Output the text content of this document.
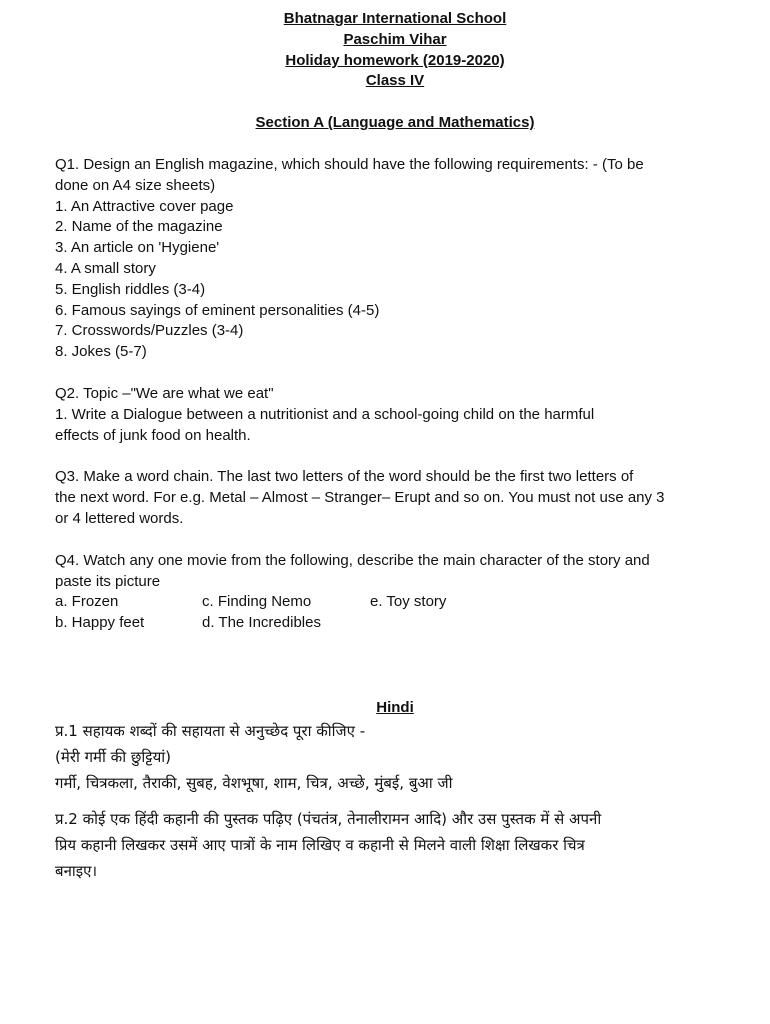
Bhatnagar International School
Paschim Vihar
Holiday homework (2019-2020)
Class IV
Section A (Language and Mathematics)
Q1. Design an English magazine, which should have the following requirements: - (To be
done on A4 size sheets)
1. An Attractive cover page
2. Name of the magazine
3. An article on 'Hygiene'
4. A small story
5. English riddles (3-4)
6. Famous sayings of eminent personalities (4-5)
7. Crosswords/Puzzles (3-4)
8. Jokes (5-7)
Q2. Topic –"We are what we eat"
1. Write a Dialogue between a nutritionist and a school-going child on the harmful
effects of junk food on health.
Q3. Make a word chain. The last two letters of the word should be the first two letters of
the next word. For e.g. Metal – Almost – Stranger– Erupt and so on. You must not use any 3
or 4 lettered words.
Q4. Watch any one movie from the following, describe the main character of the story and
paste its picture
a. Frozen	c. Finding Nemo	e. Toy story
b. Happy feet	d. The Incredibles
Hindi
प्र.1 सहायक शब्दों की सहायता से अनुच्छेद पूरा कीजिए -
(मेरी गर्मी की छुट्टियां)
गर्मी, चित्रकला, तैराकी, सुबह, वेशभूषा, शाम, चित्र, अच्छे, मुंबई, बुआ जी
प्र.2 कोई एक हिंदी कहानी की पुस्तक पढ़िए (पंचतंत्र, तेनालीरामन आदि) और उस पुस्तक में से अपनी
प्रिय कहानी लिखकर उसमें आए पात्रों के नाम लिखिए व कहानी से मिलने वाली शिक्षा लिखकर चित्र
बनाइए।
